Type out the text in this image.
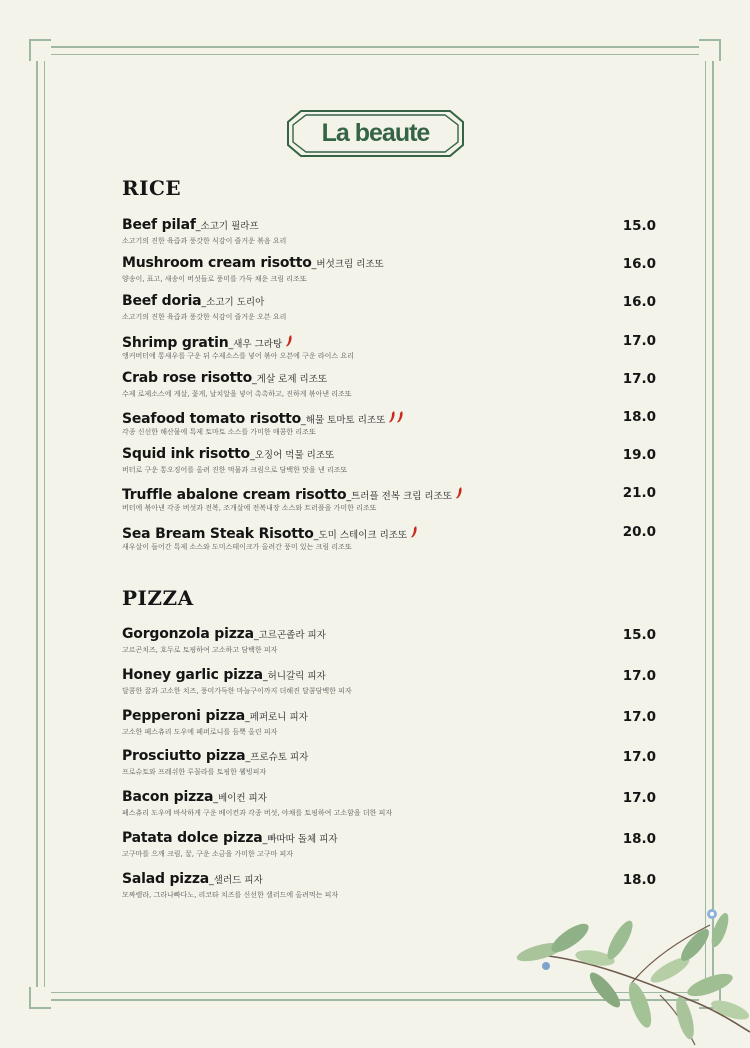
La beaute
RICE
Beef pilaf _소고기 필라프
소고기의 진한 육즙과 풍갓한 식감이 즐거운 볶음 요리
15.0
Mushroom cream risotto _버섯크림 리조또
양송이, 표고, 새송이 버섯들로 풍미를 가득 채운 크림 리조또
16.0
Beef doria _소고기 도리아
소고기의 진한 육즙과 풍갓한 식감이 즐거운 오븐 요리
16.0
Shrimp gratin _새우 그라탕
앵커버터에 통새우를 구운 뒤 수제소스를 넣어 볶아 오븐에 구운 라이스 요리
17.0
Crab rose risotto _게살 로제 리조또
수제 로제소스에 게살, 꽃게, 날치알을 넣어 촉촉하고, 진하게 볶아낸 리조또
17.0
Seafood tomato risotto _해물 토마토 리조또
각종 신선한 해산물에 특제 토마토 소스를 가미한 매콤한 리조또
18.0
Squid ink risotto _오징어 먹물 리조또
버터로 구운 통오징어를 올려 진한 먹물과 크림으로 담백한 맛을 낸 리조또
19.0
Truffle abalone cream risotto _트러플 전복 크림 리조또
버터에 볶아낸 각종 버섯과 전복, 조개살에 전복내장 소스와 트러플을 가미한 리조또
21.0
Sea Bream Steak Risotto _도미 스테이크 리조또
새우살이 들어간 특제 소스와 도미스테이크가 올려간 풍미 있는 크림 리조또
20.0
PIZZA
Gorgonzola pizza _고르곤졸라 피자
고르곤치즈, 호두로 토핑하여 고소하고 담백한 피자
15.0
Honey garlic pizza _허니갈릭 피자
달콤한 꿀과 고소한 치즈, 풍미가득한 마늘구이까지 더해진 달콤담백한 피자
17.0
Pepperoni pizza _페퍼로니 피자
고소한 페스츄리 도우에 페퍼로니를 듬뿍 올린 피자
17.0
Prosciutto pizza _프로슈토 피자
프로슈토와 프레쉬한 루꼴라를 토핑한 웰빙피자
17.0
Bacon pizza _베이컨 피자
페스츄리 도우에 바삭하게 구운 베이컨과 각종 버섯, 야채를 토핑하여 고소함을 더한 피자
17.0
Patata dolce pizza _빠따따 돌체 피자
고구마를 으깨 크림, 꿀, 구운 소금을 가미한 고구마 피자
18.0
Salad pizza _샐러드 피자
모짜렐라, 그라나빠다노, 리코타 치즈를 신선한 샐러드에 올려먹는 피자
18.0
